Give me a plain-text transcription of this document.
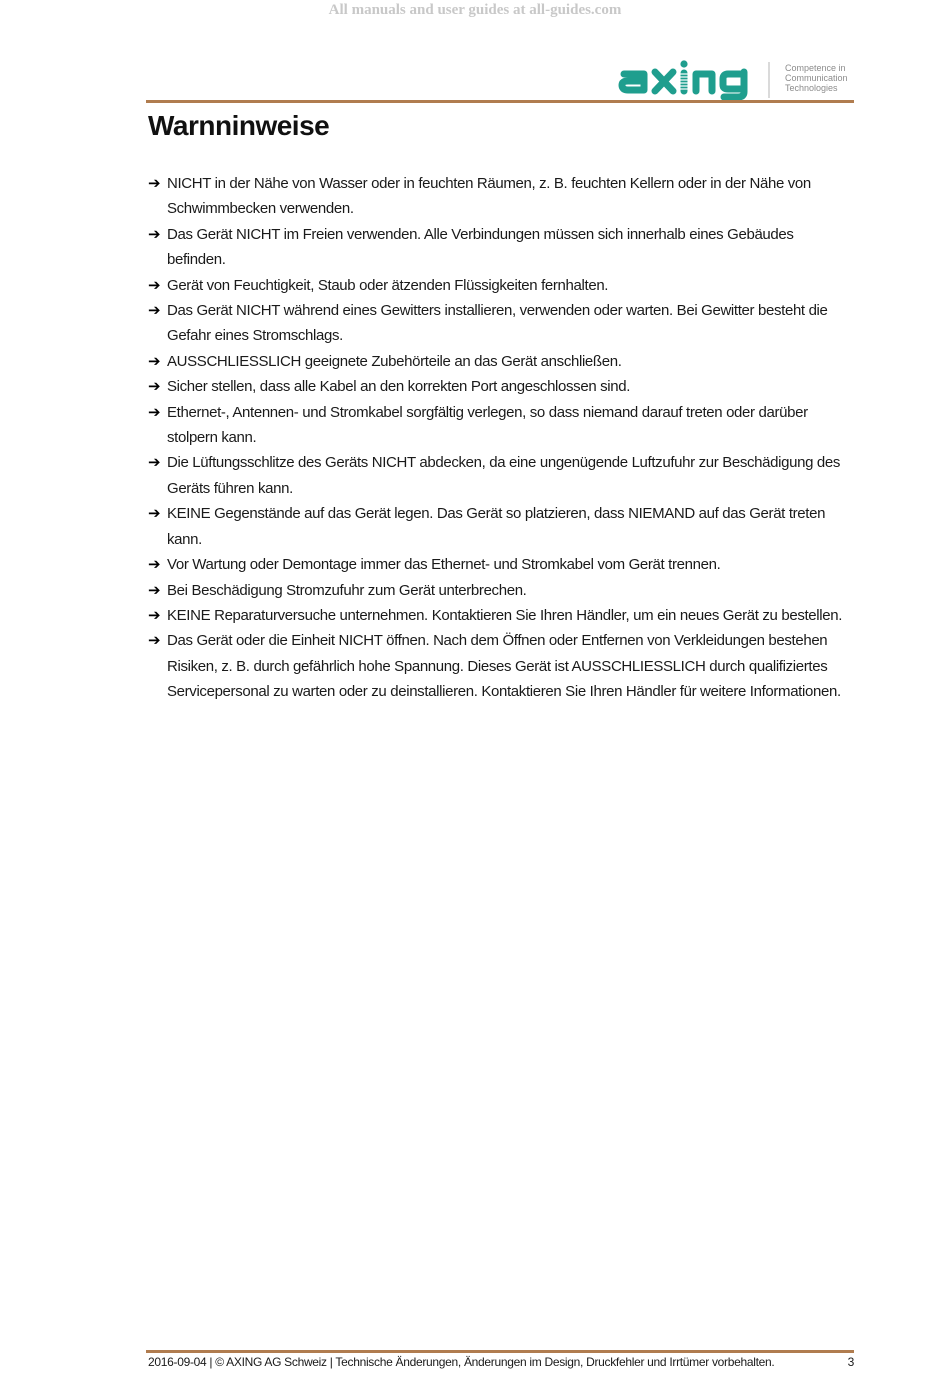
All manuals and user guides at all-guides.com
Competence in
Communication
Technologies
Warnninweise
➔ NICHT in der Nähe von Wasser oder in feuchten Räumen, z. B. feuchten Kellern oder in der Nähe von Schwimmbecken verwenden.
➔ Das Gerät NICHT im Freien verwenden. Alle Verbindungen müssen sich innerhalb eines Gebäudes befinden.
➔ Gerät von Feuchtigkeit, Staub oder ätzenden Flüssigkeiten fernhalten.
➔ Das Gerät NICHT während eines Gewitters installieren, verwenden oder warten. Bei Gewitter besteht die Gefahr eines Stromschlags.
➔ AUSSCHLIESSLICH geeignete Zubehörteile an das Gerät anschließen.
➔ Sicher stellen, dass alle Kabel an den korrekten Port angeschlossen sind.
➔ Ethernet-, Antennen- und Stromkabel sorgfältig verlegen, so dass niemand darauf treten oder darüber stolpern kann.
➔ Die Lüftungsschlitze des Geräts NICHT abdecken, da eine ungenügende Luftzufuhr zur Beschädigung des Geräts führen kann.
➔ KEINE Gegenstände auf das Gerät legen. Das Gerät so platzieren, dass NIEMAND auf das Gerät treten kann.
➔ Vor Wartung oder Demontage immer das Ethernet- und Stromkabel vom Gerät trennen.
➔ Bei Beschädigung Stromzufuhr zum Gerät unterbrechen.
➔ KEINE Reparaturversuche unternehmen. Kontaktieren Sie Ihren Händler, um ein neues Gerät zu bestellen.
➔ Das Gerät oder die Einheit NICHT öffnen. Nach dem Öffnen oder Entfernen von Verkleidungen bestehen Risiken, z. B. durch gefährlich hohe Spannung. Dieses Gerät ist AUSSCHLIESSLICH durch qualifiziertes Servicepersonal zu warten oder zu deinstallieren. Kontaktieren Sie Ihren Händler für weitere Informationen.
2016-09-04 | © AXING AG Schweiz | Technische Änderungen, Änderungen im Design, Druckfehler und Irrtümer vorbehalten.	3
